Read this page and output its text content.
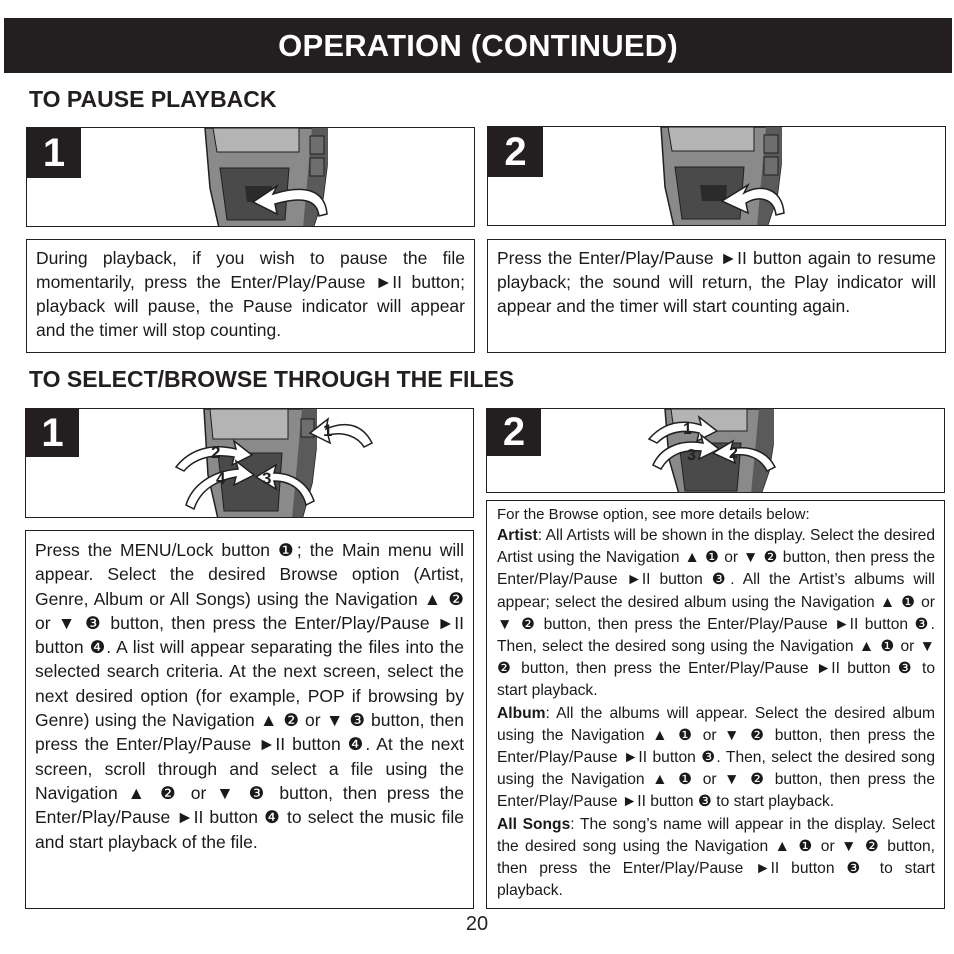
OPERATION (CONTINUED)
TO PAUSE PLAYBACK
1	2

During playback, if you wish to pause the file momentarily, press the Enter/Play/Pause ►II button; playback will pause, the Pause indicator will appear and the timer will stop counting.

Press the Enter/Play/Pause ►II button again to resume playback; the sound will return, the Play indicator will appear and the timer will start counting again.

TO SELECT/BROWSE THROUGH THE FILES
1	1
2
3
4
2	1
2
3

Press the MENU/Lock button ❶; the Main menu will appear. Select the desired Browse option (Artist, Genre, Album or All Songs) using the Navigation ▲ ❷ or ▼ ❸ button, then press the Enter/Play/Pause ►II button ❹. A list will appear separating the files into the selected search criteria. At the next screen, select the next desired option (for example, POP if browsing by Genre) using the Navigation ▲ ❷ or ▼ ❸ button, then press the Enter/Play/Pause ►II button ❹. At the next screen, scroll through and select a file using the Navigation ▲ ❷ or ▼ ❸ button, then press the Enter/Play/Pause ►II button ❹ to select the music file and start playback of the file.

For the Browse option, see more details below:

Artist: All Artists will be shown in the display. Select the desired Artist using the Navigation ▲ ❶ or ▼ ❷ button, then press the Enter/Play/Pause ►II button ❸. All the Artist’s albums will appear; select the desired album using the Navigation ▲ ❶ or ▼ ❷ button, then press the Enter/Play/Pause ►II button ❸. Then, select the desired song using the Navigation ▲ ❶ or ▼ ❷ button, then press the Enter/Play/Pause ►II button ❸ to start playback.

Album: All the albums will appear. Select the desired album using the Navigation ▲ ❶ or ▼ ❷ button, then press the Enter/Play/Pause ►II button ❸. Then, select the desired song using the Navigation ▲ ❶ or ▼ ❷ button, then press the Enter/Play/Pause ►II button ❸ to start playback.

All Songs: The song’s name will appear in the display. Select the desired song using the Navigation ▲ ❶ or ▼ ❷ button, then press the Enter/Play/Pause ►II button ❸ to start playback.

20
